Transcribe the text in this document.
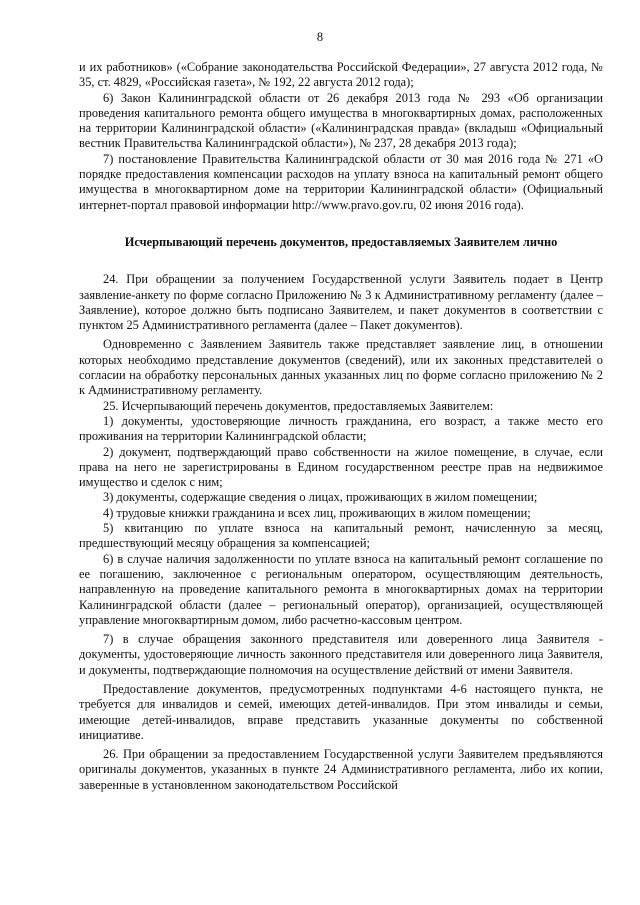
8

и их работников» («Собрание законодательства Российской Федерации», 27 августа 2012 года, № 35, ст. 4829, «Российская газета», № 192, 22 августа 2012 года);

6) Закон Калининградской области от 26 декабря 2013 года № 293 «Об организации проведения капитального ремонта общего имущества в многоквартирных домах, расположенных на территории Калининградской области» («Калининградская правда» (вкладыш «Официальный вестник Правительства Калининградской области»), № 237, 28 декабря 2013 года);

7) постановление Правительства Калининградской области от 30 мая 2016 года № 271 «О порядке предоставления компенсации расходов на уплату взноса на капитальный ремонт общего имущества в многоквартирном доме на территории Калининградской области» (Официальный интернет-портал правовой информации http://www.pravo.gov.ru, 02 июня 2016 года).

Исчерпывающий перечень документов, предоставляемых Заявителем лично

24. При обращении за получением Государственной услуги Заявитель подает в Центр заявление-анкету по форме согласно Приложению № 3 к Административному регламенту (далее – Заявление), которое должно быть подписано Заявителем, и пакет документов в соответствии с пунктом 25 Административного регламента (далее – Пакет документов).

Одновременно с Заявлением Заявитель также представляет заявление лиц, в отношении которых необходимо представление документов (сведений), или их законных представителей о согласии на обработку персональных данных указанных лиц по форме согласно приложению № 2 к Административному регламенту.

25. Исчерпывающий перечень документов, предоставляемых Заявителем:

1) документы, удостоверяющие личность гражданина, его возраст, а также место его проживания на территории Калининградской области;

2) документ, подтверждающий право собственности на жилое помещение, в случае, если права на него не зарегистрированы в Едином государственном реестре прав на недвижимое имущество и сделок с ним;

3) документы, содержащие сведения о лицах, проживающих в жилом помещении;

4) трудовые книжки гражданина и всех лиц, проживающих в жилом помещении;

5) квитанцию по уплате взноса на капитальный ремонт, начисленную за месяц, предшествующий месяцу обращения за компенсацией;

6) в случае наличия задолженности по уплате взноса на капитальный ремонт соглашение по ее погашению, заключенное с региональным оператором, осуществляющим деятельность, направленную на проведение капитального ремонта в многоквартирных домах на территории Калининградской области (далее – региональный оператор), организацией, осуществляющей управление многоквартирным домом, либо расчетно-кассовым центром.

7) в случае обращения законного представителя или доверенного лица Заявителя - документы, удостоверяющие личность законного представителя или доверенного лица Заявителя, и документы, подтверждающие полномочия на осуществление действий от имени Заявителя.

Предоставление документов, предусмотренных подпунктами 4-6 настоящего пункта, не требуется для инвалидов и семей, имеющих детей-инвалидов. При этом инвалиды и семьи, имеющие детей-инвалидов, вправе представить указанные документы по собственной инициативе.

26. При обращении за предоставлением Государственной услуги Заявителем предъявляются оригиналы документов, указанных в пункте 24 Административного регламента, либо их копии, заверенные в установленном законодательством Российской
